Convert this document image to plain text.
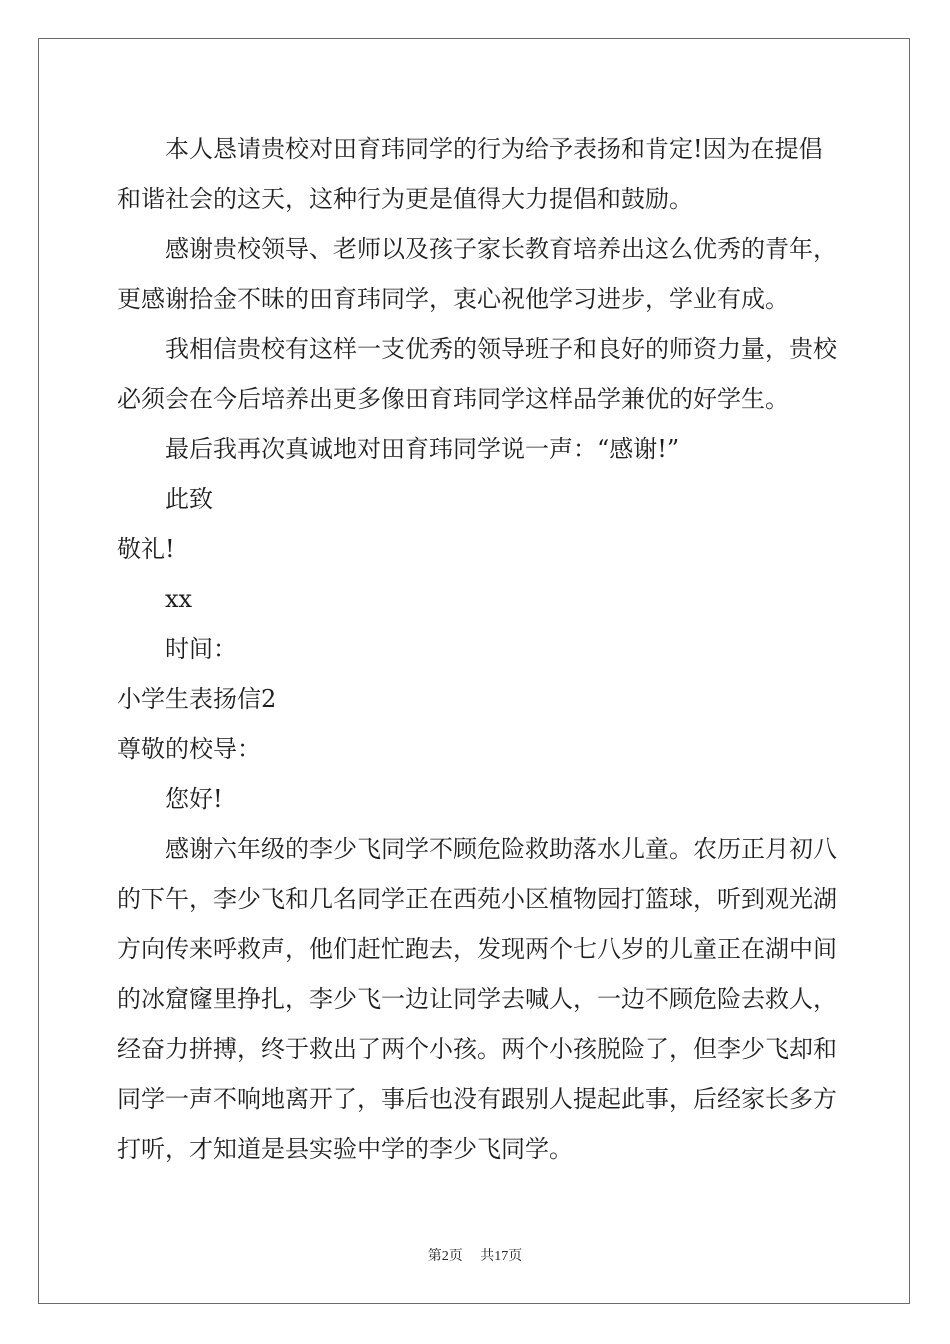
本人恳请贵校对田育玮同学的行为给予表扬和肯定!因为在提倡

和谐社会的这天，这种行为更是值得大力提倡和鼓励。

感谢贵校领导、老师以及孩子家长教育培养出这么优秀的青年，

更感谢拾金不昧的田育玮同学，衷心祝他学习进步，学业有成。

我相信贵校有这样一支优秀的领导班子和良好的师资力量，贵校

必须会在今后培养出更多像田育玮同学这样品学兼优的好学生。

最后我再次真诚地对田育玮同学说一声：“感谢!”

此致

敬礼!

xx

时间：

小学生表扬信2

尊敬的校导：

您好!

感谢六年级的李少飞同学不顾危险救助落水儿童。农历正月初八

的下午，李少飞和几名同学正在西苑小区植物园打篮球，听到观光湖

方向传来呼救声，他们赶忙跑去，发现两个七八岁的儿童正在湖中间

的冰窟窿里挣扎，李少飞一边让同学去喊人，一边不顾危险去救人，

经奋力拼搏，终于救出了两个小孩。两个小孩脱险了，但李少飞却和

同学一声不响地离开了，事后也没有跟别人提起此事，后经家长多方

打听，才知道是县实验中学的李少飞同学。

第2页 共17页
